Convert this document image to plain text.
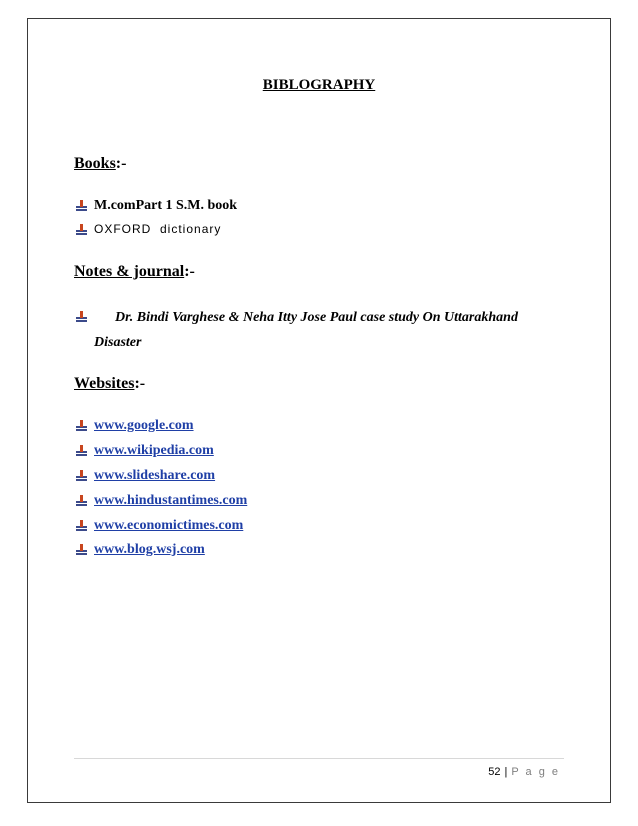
BIBLOGRAPHY
Books:-
M.comPart 1 S.M. book
OXFORD  dictionary
Notes & journal:-
Dr. Bindi Varghese & Neha Itty Jose Paul case study On Uttarakhand Disaster
Websites:-
www.google.com
www.wikipedia.com
www.slideshare.com
www.hindustantimes.com
www.economictimes.com
www.blog.wsj.com
52 | P a g e
